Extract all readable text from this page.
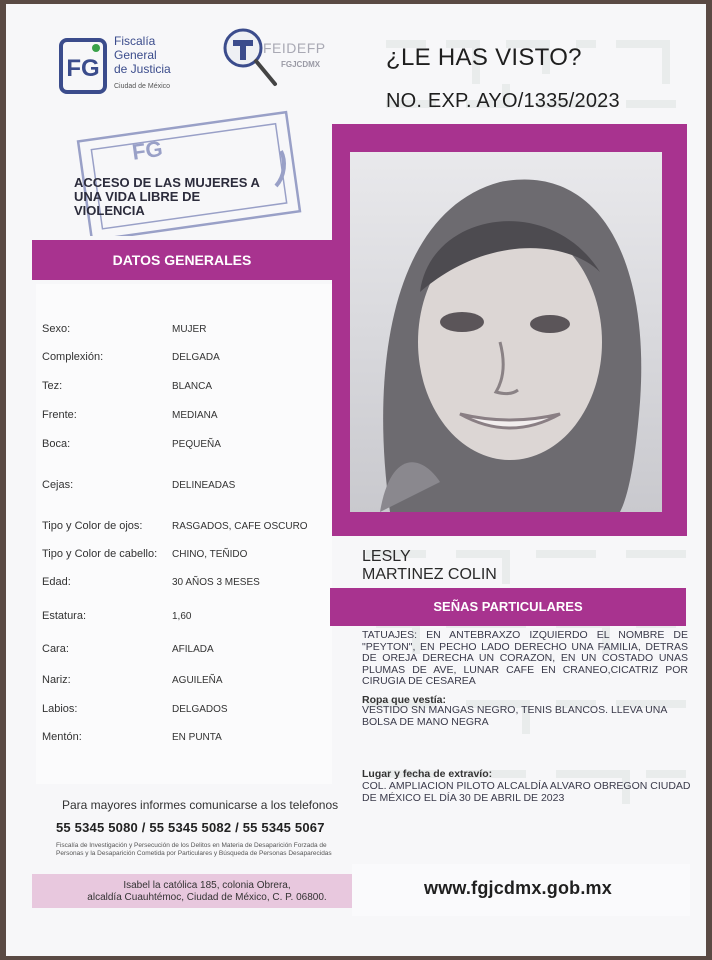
FG
Fiscalía
General
de Justicia
Ciudad de México
FEIDEFP
FGJCDMX	¿LE HAS VISTO?
NO. EXP. AYO/1335/2023
FG
ACCESO DE LAS MUJERES A UNA VIDA LIBRE DE VIOLENCIA
DATOS GENERALES
Sexo:	MUJER
Complexión:	DELGADA
Tez:	BLANCA
Frente:	MEDIANA
Boca:	PEQUEÑA
Cejas:	DELINEADAS
Tipo y Color de ojos:	RASGADOS, CAFE OSCURO
Tipo y Color de cabello: CHINO, TEÑIDO
Edad:	30 AÑOS 3 MESES
Estatura:	1,60
Cara:	AFILADA
Nariz:	AGUILEÑA
Labios:	DELGADOS
Mentón:	EN PUNTA
LESLY
MARTINEZ COLIN
SEÑAS PARTICULARES
TATUAJES: EN ANTEBRAXZO IZQUIERDO EL NOMBRE DE "PEYTON", EN PECHO LADO DERECHO UNA FAMILIA, DETRAS DE OREJA DERECHA UN CORAZON, EN UN COSTADO UNAS PLUMAS DE AVE, LUNAR CAFE EN CRANEO,CICATRIZ POR CIRUGIA DE CESAREA
Ropa que vestía:
VESTIDO SN MANGAS NEGRO, TENIS BLANCOS. LLEVA UNA BOLSA DE MANO NEGRA
Lugar y fecha de extravío:
COL. AMPLIACION PILOTO ALCALDÍA ALVARO OBREGON CIUDAD DE MÉXICO EL DÍA 30 DE ABRIL DE 2023
Para mayores informes comunicarse a los telefonos
55 5345 5080 / 55 5345 5082 / 55 5345 5067
Fiscalía de Investigación y Persecución de los Delitos en Materia de Desaparición Forzada de Personas y la Desaparición Cometida por Particulares y Búsqueda de Personas Desaparecidas
Isabel la católica 185, colonia Obrera,
alcaldía Cuauhtémoc, Ciudad de México, C. P. 06800.	www.fgjcdmx.gob.mx
